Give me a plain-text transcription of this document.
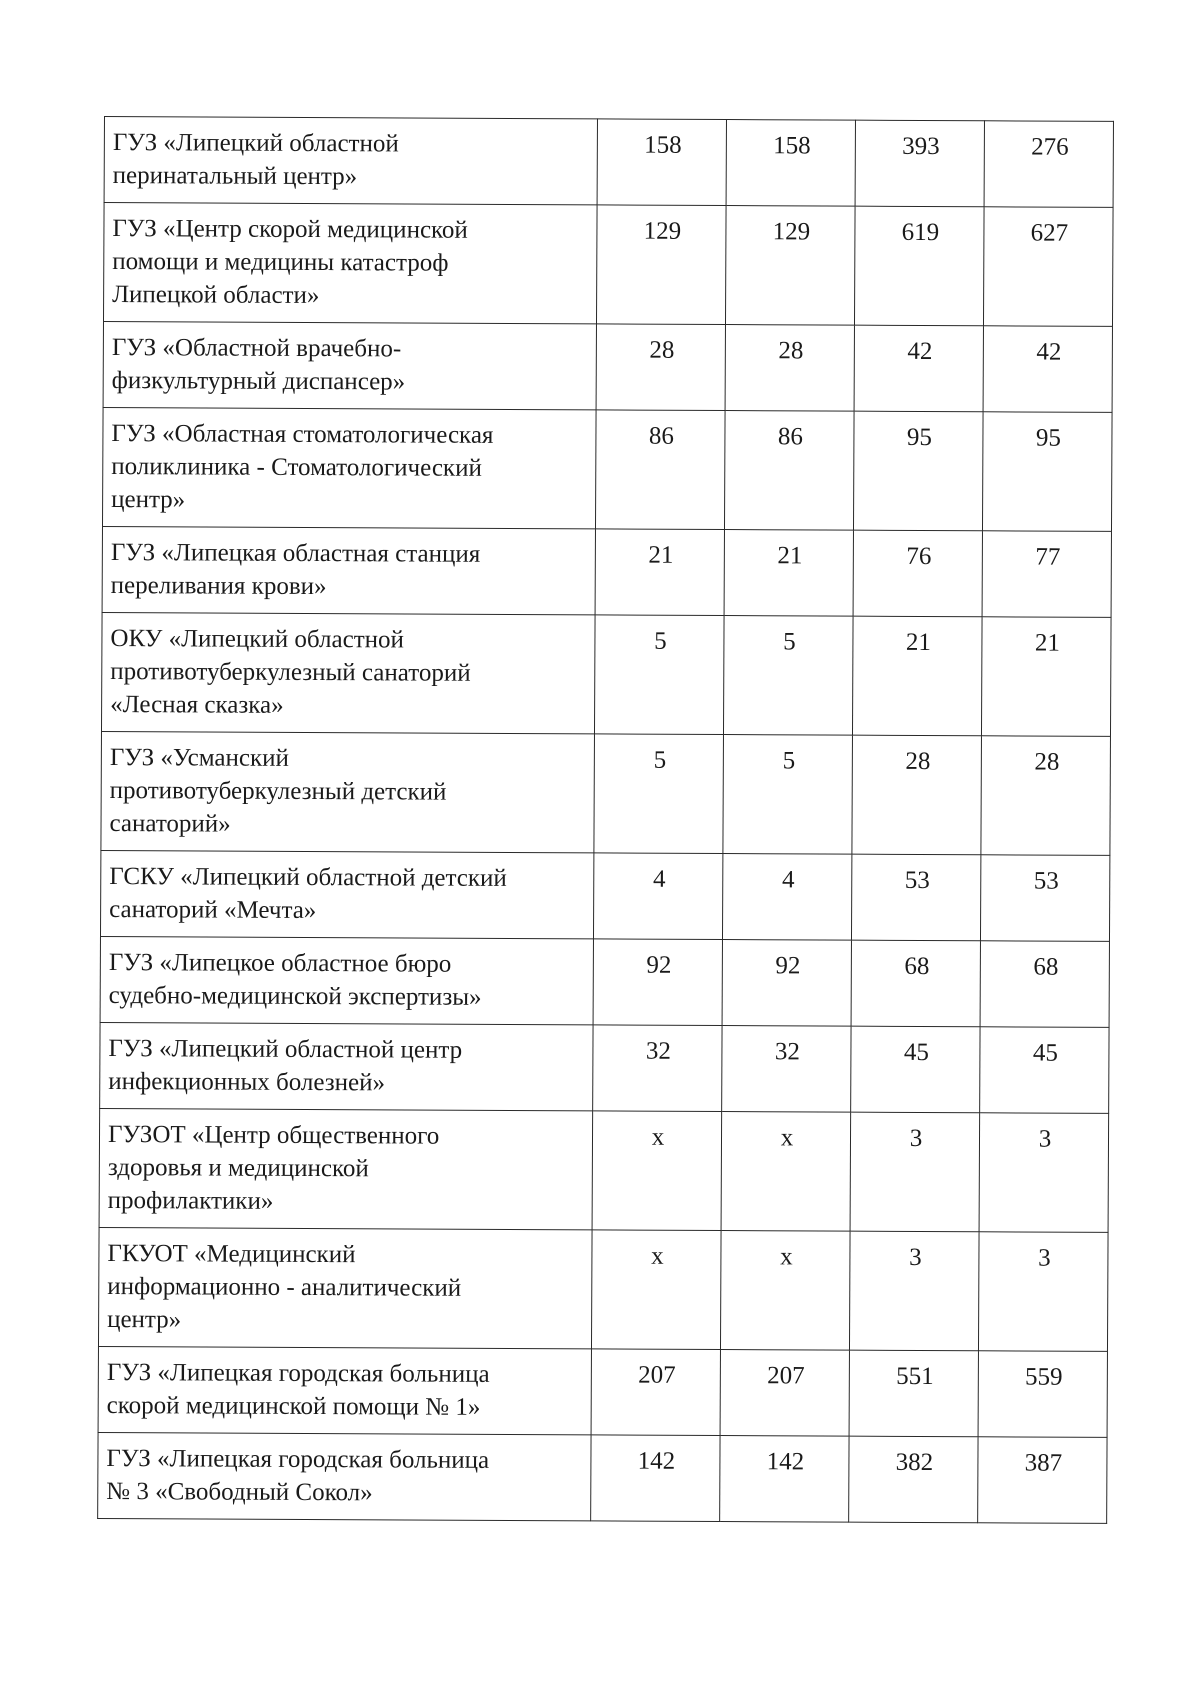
ГУЗ «Липецкий областной
перинатальный центр»	158	158	393	276

ГУЗ «Центр скорой медицинской
помощи и медицины катастроф
Липецкой области»	129	129	619	627

ГУЗ «Областной врачебно-
физкультурный диспансер»	28	28	42	42

ГУЗ «Областная стоматологическая
поликлиника - Стоматологический
центр»	86	86	95	95

ГУЗ «Липецкая областная станция
переливания крови»	21	21	76	77

ОКУ «Липецкий областной
противотуберкулезный санаторий
«Лесная сказка»	5	5	21	21

ГУЗ «Усманский
противотуберкулезный детский
санаторий»	5	5	28	28

ГСКУ «Липецкий областной детский
санаторий «Мечта»	4	4	53	53

ГУЗ «Липецкое областное бюро
судебно-медицинской экспертизы»	92	92	68	68

ГУЗ «Липецкий областной центр
инфекционных болезней»	32	32	45	45

ГУЗОТ «Центр общественного
здоровья и медицинской
профилактики»	х	х	3	3

ГКУОТ «Медицинский
информационно - аналитический
центр»	х	х	3	3

ГУЗ «Липецкая городская больница
скорой медицинской помощи № 1»	207	207	551	559

ГУЗ «Липецкая городская больница
№ 3 «Свободный Сокол»	142	142	382	387
